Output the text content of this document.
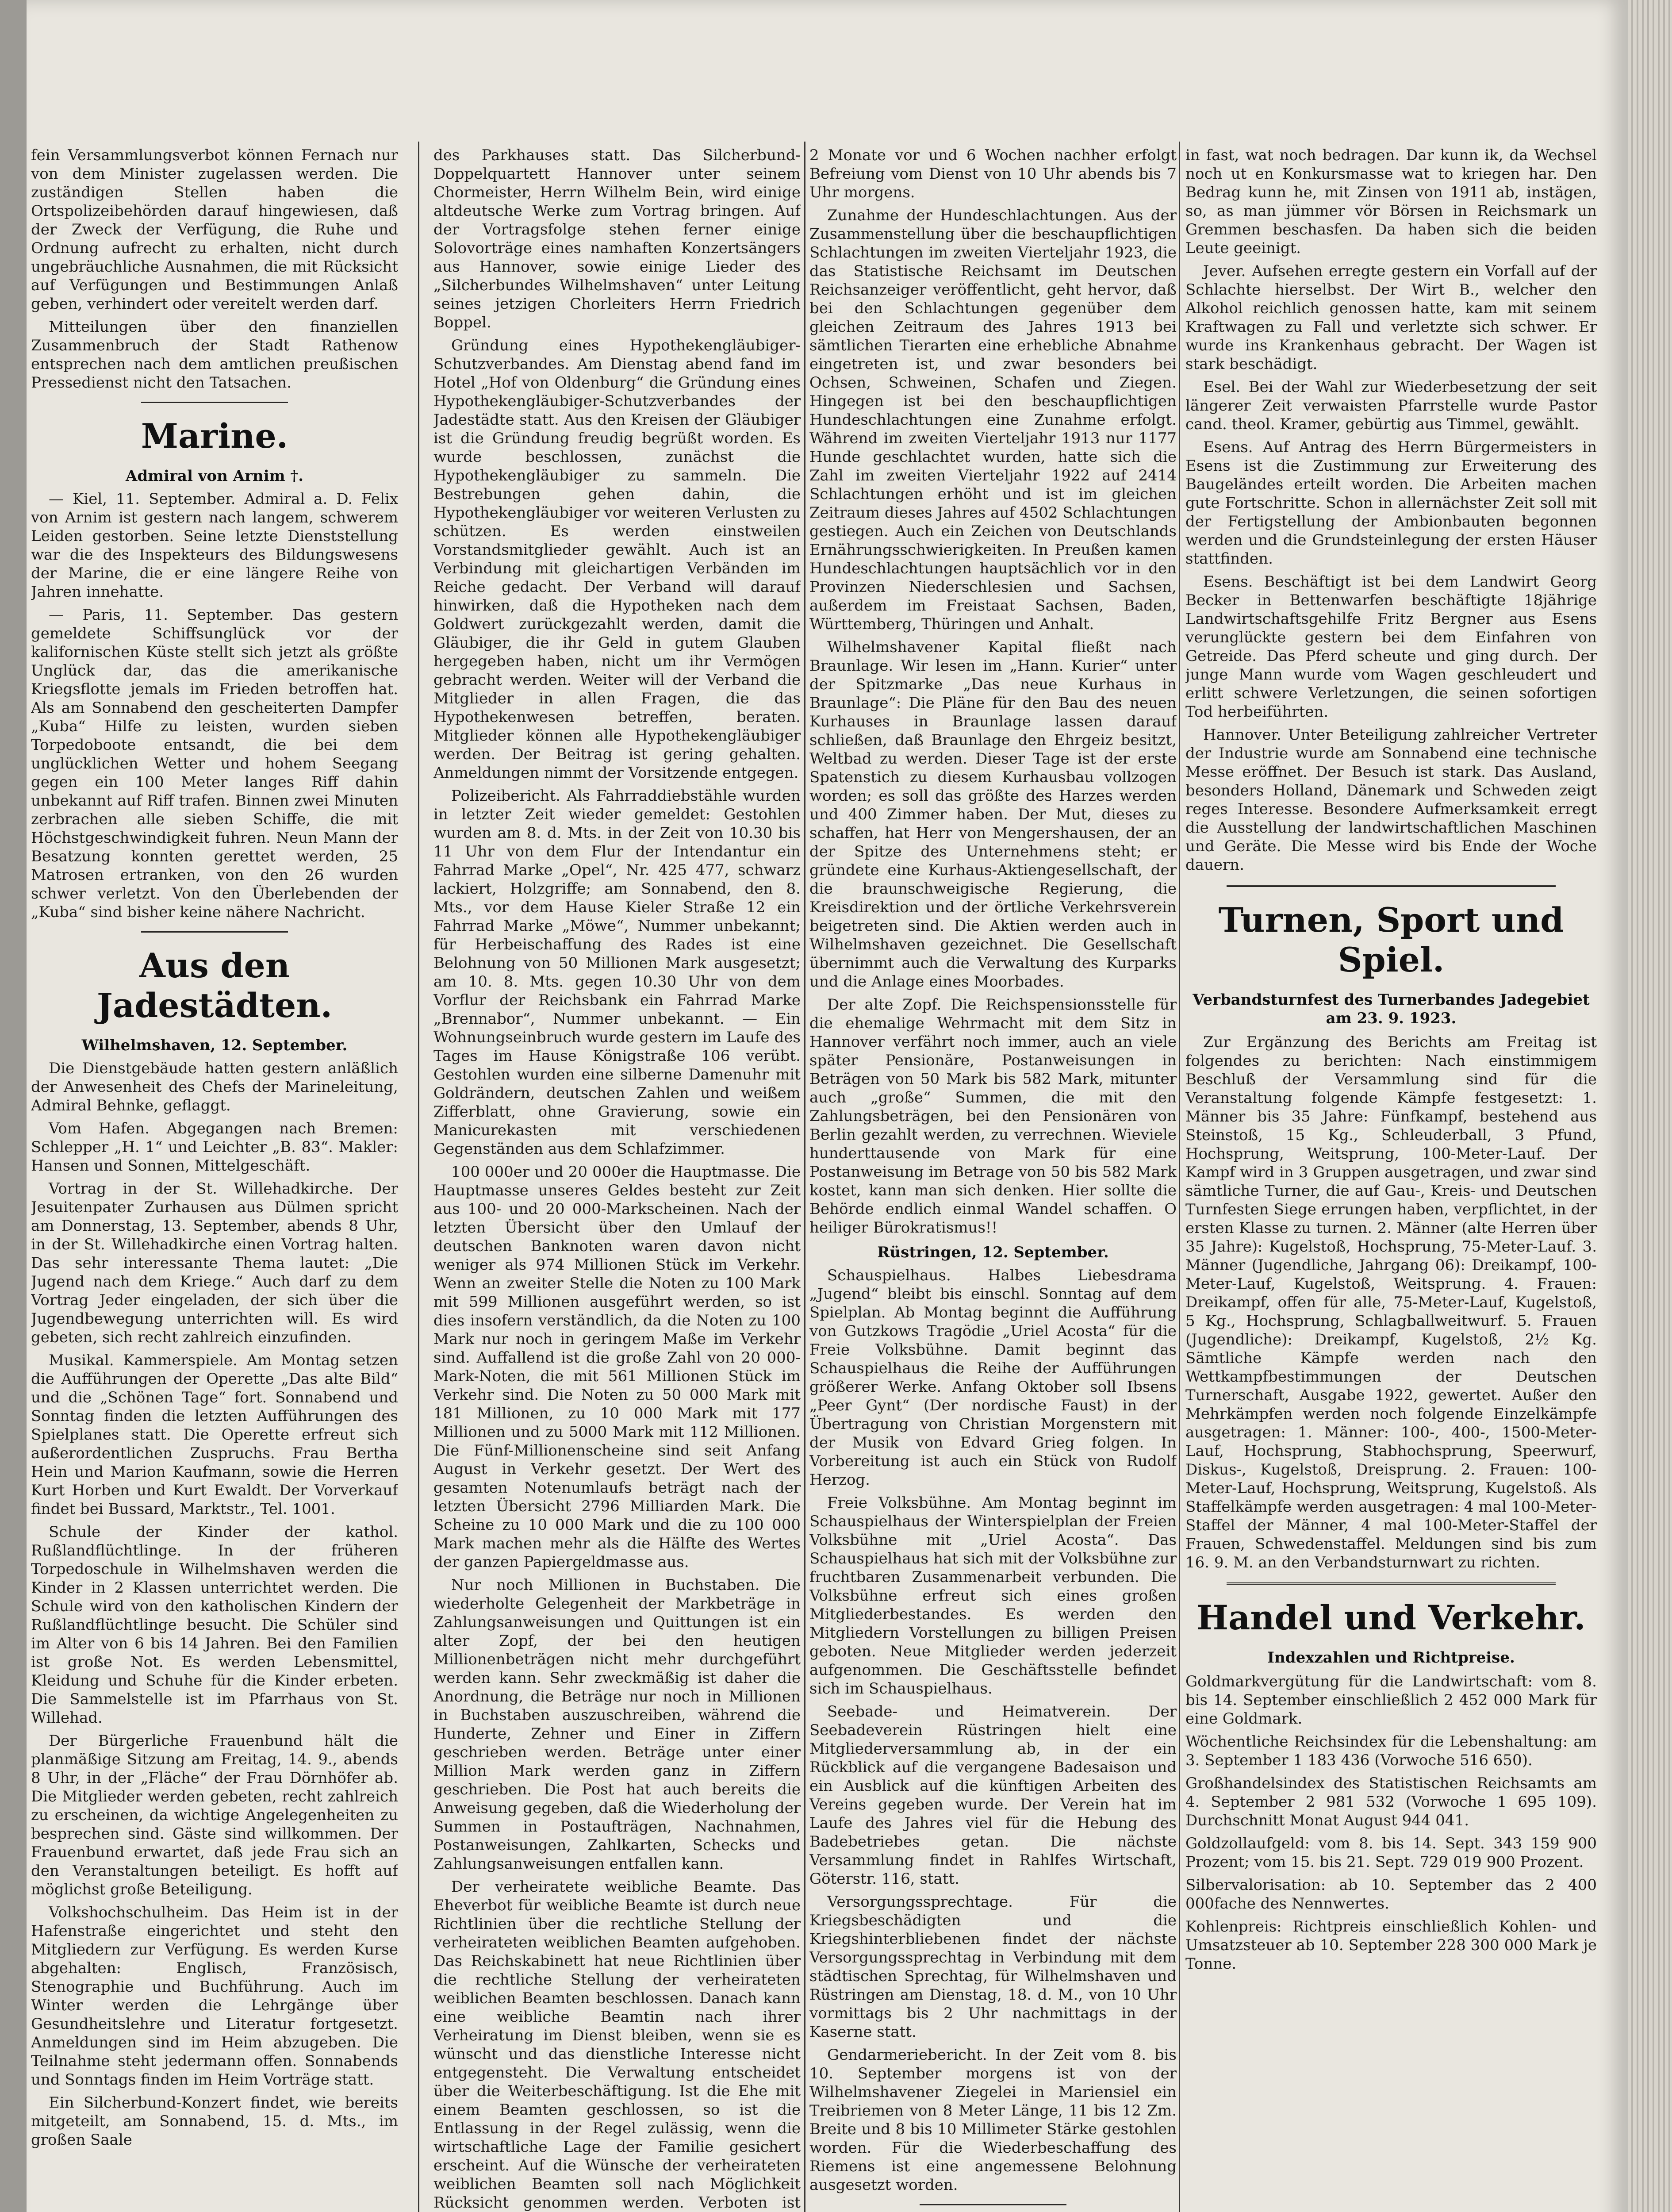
fein Versammlungsverbot können Fernach nur von dem Minister zugelassen werden. Die zuständigen Stellen haben die Ortspolizeibehörden darauf hingewiesen, daß der Zweck der Verfügung, die Ruhe und Ordnung aufrecht zu erhalten, nicht durch ungebräuchliche Ausnahmen, die mit Rücksicht auf Verfügungen und Bestimmungen Anlaß geben, verhindert oder vereitelt werden darf.

Mitteilungen über den finanziellen Zusammenbruch der Stadt Rathenow entsprechen nach dem amtlichen preußischen Pressedienst nicht den Tatsachen.

Marine.
Admiral von Arnim †.

— Kiel, 11. September. Admiral a. D. Felix von Arnim ist gestern nach langem, schwerem Leiden gestorben. Seine letzte Dienststellung war die des Inspekteurs des Bildungswesens der Marine, die er eine längere Reihe von Jahren innehatte.

— Paris, 11. September. Das gestern gemeldete Schiffsunglück vor der kalifornischen Küste stellt sich jetzt als größte Unglück dar, das die amerikanische Kriegsflotte jemals im Frieden betroffen hat. Als am Sonnabend den gescheiterten Dampfer „Kuba“ Hilfe zu leisten, wurden sieben Torpedoboote entsandt, die bei dem unglücklichen Wetter und hohem Seegang gegen ein 100 Meter langes Riff dahin unbekannt auf Riff trafen. Binnen zwei Minuten zerbrachen alle sieben Schiffe, die mit Höchstgeschwindigkeit fuhren. Neun Mann der Besatzung konnten gerettet werden, 25 Matrosen ertranken, von den 26 wurden schwer verletzt. Von den Überlebenden der „Kuba“ sind bisher keine nähere Nachricht.

Aus den Jadestädten.
Wilhelmshaven, 12. September.

Die Dienstgebäude hatten gestern anläßlich der Anwesenheit des Chefs der Marineleitung, Admiral Behnke, geflaggt.

Vom Hafen. Abgegangen nach Bremen: Schlepper „H. 1“ und Leichter „B. 83“. Makler: Hansen und Sonnen, Mittelgeschäft.

Vortrag in der St. Willehadkirche. Der Jesuitenpater Zurhausen aus Dülmen spricht am Donnerstag, 13. September, abends 8 Uhr, in der St. Willehadkirche einen Vortrag halten. Das sehr interessante Thema lautet: „Die Jugend nach dem Kriege.“ Auch darf zu dem Vortrag Jeder eingeladen, der sich über die Jugendbewegung unterrichten will. Es wird gebeten, sich recht zahlreich einzufinden.

Musikal. Kammerspiele. Am Montag setzen die Aufführungen der Operette „Das alte Bild“ und die „Schönen Tage“ fort. Sonnabend und Sonntag finden die letzten Aufführungen des Spielplanes statt. Die Operette erfreut sich außerordentlichen Zuspruchs. Frau Bertha Hein und Marion Kaufmann, sowie die Herren Kurt Horben und Kurt Ewaldt. Der Vorverkauf findet bei Bussard, Marktstr., Tel. 1001.

Schule der Kinder der kathol. Rußlandflüchtlinge. In der früheren Torpedoschule in Wilhelmshaven werden die Kinder in 2 Klassen unterrichtet werden. Die Schule wird von den katholischen Kindern der Rußlandflüchtlinge besucht. Die Schüler sind im Alter von 6 bis 14 Jahren. Bei den Familien ist große Not. Es werden Lebensmittel, Kleidung und Schuhe für die Kinder erbeten. Die Sammelstelle ist im Pfarrhaus von St. Willehad.

Der Bürgerliche Frauenbund hält die planmäßige Sitzung am Freitag, 14. 9., abends 8 Uhr, in der „Fläche“ der Frau Dörnhöfer ab. Die Mitglieder werden gebeten, recht zahlreich zu erscheinen, da wichtige Angelegenheiten zu besprechen sind. Gäste sind willkommen. Der Frauenbund erwartet, daß jede Frau sich an den Veranstaltungen beteiligt. Es hofft auf möglichst große Beteiligung.

Volkshochschulheim. Das Heim ist in der Hafenstraße eingerichtet und steht den Mitgliedern zur Verfügung. Es werden Kurse abgehalten: Englisch, Französisch, Stenographie und Buchführung. Auch im Winter werden die Lehrgänge über Gesundheitslehre und Literatur fortgesetzt. Anmeldungen sind im Heim abzugeben. Die Teilnahme steht jedermann offen. Sonnabends und Sonntags finden im Heim Vorträge statt.

Ein Silcherbund-Konzert findet, wie bereits mitgeteilt, am Sonnabend, 15. d. Mts., im großen Saale

des Parkhauses statt. Das Silcherbund-Doppelquartett Hannover unter seinem Chormeister, Herrn Wilhelm Bein, wird einige altdeutsche Werke zum Vortrag bringen. Auf der Vortragsfolge stehen ferner einige Solovorträge eines namhaften Konzertsängers aus Hannover, sowie einige Lieder des „Silcherbundes Wilhelmshaven“ unter Leitung seines jetzigen Chorleiters Herrn Friedrich Boppel.

Gründung eines Hypothekengläubiger-Schutzverbandes. Am Dienstag abend fand im Hotel „Hof von Oldenburg“ die Gründung eines Hypothekengläubiger-Schutzverbandes der Jadestädte statt. Aus den Kreisen der Gläubiger ist die Gründung freudig begrüßt worden. Es wurde beschlossen, zunächst die Hypothekengläubiger zu sammeln. Die Bestrebungen gehen dahin, die Hypothekengläubiger vor weiteren Verlusten zu schützen. Es werden einstweilen Vorstandsmitglieder gewählt. Auch ist an Verbindung mit gleichartigen Verbänden im Reiche gedacht. Der Verband will darauf hinwirken, daß die Hypotheken nach dem Goldwert zurückgezahlt werden, damit die Gläubiger, die ihr Geld in gutem Glauben hergegeben haben, nicht um ihr Vermögen gebracht werden. Weiter will der Verband die Mitglieder in allen Fragen, die das Hypothekenwesen betreffen, beraten. Mitglieder können alle Hypothekengläubiger werden. Der Beitrag ist gering gehalten. Anmeldungen nimmt der Vorsitzende entgegen.

Polizeibericht. Als Fahrraddiebstähle wurden in letzter Zeit wieder gemeldet: Gestohlen wurden am 8. d. Mts. in der Zeit von 10.30 bis 11 Uhr von dem Flur der Intendantur ein Fahrrad Marke „Opel“, Nr. 425 477, schwarz lackiert, Holzgriffe; am Sonnabend, den 8. Mts., vor dem Hause Kieler Straße 12 ein Fahrrad Marke „Möwe“, Nummer unbekannt; für Herbeischaffung des Rades ist eine Belohnung von 50 Millionen Mark ausgesetzt; am 10. 8. Mts. gegen 10.30 Uhr von dem Vorflur der Reichsbank ein Fahrrad Marke „Brennabor“, Nummer unbekannt. — Ein Wohnungseinbruch wurde gestern im Laufe des Tages im Hause Königstraße 106 verübt. Gestohlen wurden eine silberne Damenuhr mit Goldrändern, deutschen Zahlen und weißem Zifferblatt, ohne Gravierung, sowie ein Manicurekasten mit verschiedenen Gegenständen aus dem Schlafzimmer.

100 000er und 20 000er die Hauptmasse. Die Hauptmasse unseres Geldes besteht zur Zeit aus 100- und 20 000-Markscheinen. Nach der letzten Übersicht über den Umlauf der deutschen Banknoten waren davon nicht weniger als 974 Millionen Stück im Verkehr. Wenn an zweiter Stelle die Noten zu 100 Mark mit 599 Millionen ausgeführt werden, so ist dies insofern verständlich, da die Noten zu 100 Mark nur noch in geringem Maße im Verkehr sind. Auffallend ist die große Zahl von 20 000-Mark-Noten, die mit 561 Millionen Stück im Verkehr sind. Die Noten zu 50 000 Mark mit 181 Millionen, zu 10 000 Mark mit 177 Millionen und zu 5000 Mark mit 112 Millionen. Die Fünf-Millionenscheine sind seit Anfang August in Verkehr gesetzt. Der Wert des gesamten Notenumlaufs beträgt nach der letzten Übersicht 2796 Milliarden Mark. Die Scheine zu 10 000 Mark und die zu 100 000 Mark machen mehr als die Hälfte des Wertes der ganzen Papiergeldmasse aus.

Nur noch Millionen in Buchstaben. Die wiederholte Gelegenheit der Markbeträge in Zahlungsanweisungen und Quittungen ist ein alter Zopf, der bei den heutigen Millionenbeträgen nicht mehr durchgeführt werden kann. Sehr zweckmäßig ist daher die Anordnung, die Beträge nur noch in Millionen in Buchstaben auszuschreiben, während die Hunderte, Zehner und Einer in Ziffern geschrieben werden. Beträge unter einer Million Mark werden ganz in Ziffern geschrieben. Die Post hat auch bereits die Anweisung gegeben, daß die Wiederholung der Summen in Postaufträgen, Nachnahmen, Postanweisungen, Zahlkarten, Schecks und Zahlungsanweisungen entfallen kann.

Der verheiratete weibliche Beamte. Das Eheverbot für weibliche Beamte ist durch neue Richtlinien über die rechtliche Stellung der verheirateten weiblichen Beamten aufgehoben. Das Reichskabinett hat neue Richtlinien über die rechtliche Stellung der verheirateten weiblichen Beamten beschlossen. Danach kann eine weibliche Beamtin nach ihrer Verheiratung im Dienst bleiben, wenn sie es wünscht und das dienstliche Interesse nicht entgegensteht. Die Verwaltung entscheidet über die Weiterbeschäftigung. Ist die Ehe mit einem Beamten geschlossen, so ist die Entlassung in der Regel zulässig, wenn die wirtschaftliche Lage der Familie gesichert erscheint. Auf die Wünsche der verheirateten weiblichen Beamten soll nach Möglichkeit Rücksicht genommen werden. Verboten ist

2 Monate vor und 6 Wochen nachher erfolgt Befreiung vom Dienst von 10 Uhr abends bis 7 Uhr morgens.

Zunahme der Hundeschlachtungen. Aus der Zusammenstellung über die beschaupflichtigen Schlachtungen im zweiten Vierteljahr 1923, die das Statistische Reichsamt im Deutschen Reichsanzeiger veröffentlicht, geht hervor, daß bei den Schlachtungen gegenüber dem gleichen Zeitraum des Jahres 1913 bei sämtlichen Tierarten eine erhebliche Abnahme eingetreten ist, und zwar besonders bei Ochsen, Schweinen, Schafen und Ziegen. Hingegen ist bei den beschaupflichtigen Hundeschlachtungen eine Zunahme erfolgt. Während im zweiten Vierteljahr 1913 nur 1177 Hunde geschlachtet wurden, hatte sich die Zahl im zweiten Vierteljahr 1922 auf 2414 Schlachtungen erhöht und ist im gleichen Zeitraum dieses Jahres auf 4502 Schlachtungen gestiegen. Auch ein Zeichen von Deutschlands Ernährungsschwierigkeiten. In Preußen kamen Hundeschlachtungen hauptsächlich vor in den Provinzen Niederschlesien und Sachsen, außerdem im Freistaat Sachsen, Baden, Württemberg, Thüringen und Anhalt.

Wilhelmshavener Kapital fließt nach Braunlage. Wir lesen im „Hann. Kurier“ unter der Spitzmarke „Das neue Kurhaus in Braunlage“: Die Pläne für den Bau des neuen Kurhauses in Braunlage lassen darauf schließen, daß Braunlage den Ehrgeiz besitzt, Weltbad zu werden. Dieser Tage ist der erste Spatenstich zu diesem Kurhausbau vollzogen worden; es soll das größte des Harzes werden und 400 Zimmer haben. Der Mut, dieses zu schaffen, hat Herr von Mengershausen, der an der Spitze des Unternehmens steht; er gründete eine Kurhaus-Aktiengesellschaft, der die braunschweigische Regierung, die Kreisdirektion und der örtliche Verkehrsverein beigetreten sind. Die Aktien werden auch in Wilhelmshaven gezeichnet. Die Gesellschaft übernimmt auch die Verwaltung des Kurparks und die Anlage eines Moorbades.

Der alte Zopf. Die Reichspensionsstelle für die ehemalige Wehrmacht mit dem Sitz in Hannover verfährt noch immer, auch an viele später Pensionäre, Postanweisungen in Beträgen von 50 Mark bis 582 Mark, mitunter auch „große“ Summen, die mit den Zahlungsbeträgen, bei den Pensionären von Berlin gezahlt werden, zu verrechnen. Wieviele hunderttausende von Mark für eine Postanweisung im Betrage von 50 bis 582 Mark kostet, kann man sich denken. Hier sollte die Behörde endlich einmal Wandel schaffen. O heiliger Bürokratismus!!

Rüstringen, 12. September.

Schauspielhaus. Halbes Liebesdrama „Jugend“ bleibt bis einschl. Sonntag auf dem Spielplan. Ab Montag beginnt die Aufführung von Gutzkows Tragödie „Uriel Acosta“ für die Freie Volksbühne. Damit beginnt das Schauspielhaus die Reihe der Aufführungen größerer Werke. Anfang Oktober soll Ibsens „Peer Gynt“ (Der nordische Faust) in der Übertragung von Christian Morgenstern mit der Musik von Edvard Grieg folgen. In Vorbereitung ist auch ein Stück von Rudolf Herzog.

Freie Volksbühne. Am Montag beginnt im Schauspielhaus der Winterspielplan der Freien Volksbühne mit „Uriel Acosta“. Das Schauspielhaus hat sich mit der Volksbühne zur fruchtbaren Zusammenarbeit verbunden. Die Volksbühne erfreut sich eines großen Mitgliederbestandes. Es werden den Mitgliedern Vorstellungen zu billigen Preisen geboten. Neue Mitglieder werden jederzeit aufgenommen. Die Geschäftsstelle befindet sich im Schauspielhaus.

Seebade- und Heimatverein. Der Seebadeverein Rüstringen hielt eine Mitgliederversammlung ab, in der ein Rückblick auf die vergangene Badesaison und ein Ausblick auf die künftigen Arbeiten des Vereins gegeben wurde. Der Verein hat im Laufe des Jahres viel für die Hebung des Badebetriebes getan. Die nächste Versammlung findet in Rahlfes Wirtschaft, Göterstr. 116, statt.

Versorgungssprechtage. Für die Kriegsbeschädigten und die Kriegshinterbliebenen findet der nächste Versorgungssprechtag in Verbindung mit dem städtischen Sprechtag, für Wilhelmshaven und Rüstringen am Dienstag, 18. d. M., von 10 Uhr vormittags bis 2 Uhr nachmittags in der Kaserne statt.

Gendarmeriebericht. In der Zeit vom 8. bis 10. September morgens ist von der Wilhelmshavener Ziegelei in Mariensiel ein Treibriemen von 8 Meter Länge, 11 bis 12 Zm. Breite und 8 bis 10 Millimeter Stärke gestohlen worden. Für die Wiederbeschaffung des Riemens ist eine angemessene Belohnung ausgesetzt worden.

in fast, wat noch bedragen. Dar kunn ik, da Wechsel noch ut en Konkursmasse wat to kriegen har. Den Bedrag kunn he, mit Zinsen von 1911 ab, instägen, so, as man jümmer vör Börsen in Reichsmark un Gremmen beschasfen. Da haben sich die beiden Leute geeinigt.

Jever. Aufsehen erregte gestern ein Vorfall auf der Schlachte hierselbst. Der Wirt B., welcher den Alkohol reichlich genossen hatte, kam mit seinem Kraftwagen zu Fall und verletzte sich schwer. Er wurde ins Krankenhaus gebracht. Der Wagen ist stark beschädigt.

Esel. Bei der Wahl zur Wiederbesetzung der seit längerer Zeit verwaisten Pfarrstelle wurde Pastor cand. theol. Kramer, gebürtig aus Timmel, gewählt.

Esens. Auf Antrag des Herrn Bürgermeisters in Esens ist die Zustimmung zur Erweiterung des Baugeländes erteilt worden. Die Arbeiten machen gute Fortschritte. Schon in allernächster Zeit soll mit der Fertigstellung der Ambionbauten begonnen werden und die Grundsteinlegung der ersten Häuser stattfinden.

Esens. Beschäftigt ist bei dem Landwirt Georg Becker in Bettenwarfen beschäftigte 18jährige Landwirtschaftsgehilfe Fritz Bergner aus Esens verunglückte gestern bei dem Einfahren von Getreide. Das Pferd scheute und ging durch. Der junge Mann wurde vom Wagen geschleudert und erlitt schwere Verletzungen, die seinen sofortigen Tod herbeiführten.

Hannover. Unter Beteiligung zahlreicher Vertreter der Industrie wurde am Sonnabend eine technische Messe eröffnet. Der Besuch ist stark. Das Ausland, besonders Holland, Dänemark und Schweden zeigt reges Interesse. Besondere Aufmerksamkeit erregt die Ausstellung der landwirtschaftlichen Maschinen und Geräte. Die Messe wird bis Ende der Woche dauern.

Turnen, Sport und Spiel.
Verbandsturnfest des Turnerbandes Jadegebiet am 23. 9. 1923.

Zur Ergänzung des Berichts am Freitag ist folgendes zu berichten: Nach einstimmigem Beschluß der Versammlung sind für die Veranstaltung folgende Kämpfe festgesetzt: 1. Männer bis 35 Jahre: Fünfkampf, bestehend aus Steinstoß, 15 Kg., Schleuderball, 3 Pfund, Hochsprung, Weitsprung, 100-Meter-Lauf. Der Kampf wird in 3 Gruppen ausgetragen, und zwar sind sämtliche Turner, die auf Gau-, Kreis- und Deutschen Turnfesten Siege errungen haben, verpflichtet, in der ersten Klasse zu turnen. 2. Männer (alte Herren über 35 Jahre): Kugelstoß, Hochsprung, 75-Meter-Lauf. 3. Männer (Jugendliche, Jahrgang 06): Dreikampf, 100-Meter-Lauf, Kugelstoß, Weitsprung. 4. Frauen: Dreikampf, offen für alle, 75-Meter-Lauf, Kugelstoß, 5 Kg., Hochsprung, Schlagballweitwurf. 5. Frauen (Jugendliche): Dreikampf, Kugelstoß, 2½ Kg. Sämtliche Kämpfe werden nach den Wettkampfbestimmungen der Deutschen Turnerschaft, Ausgabe 1922, gewertet. Außer den Mehrkämpfen werden noch folgende Einzelkämpfe ausgetragen: 1. Männer: 100-, 400-, 1500-Meter-Lauf, Hochsprung, Stabhochsprung, Speerwurf, Diskus-, Kugelstoß, Dreisprung. 2. Frauen: 100-Meter-Lauf, Hochsprung, Weitsprung, Kugelstoß. Als Staffelkämpfe werden ausgetragen: 4 mal 100-Meter-Staffel der Männer, 4 mal 100-Meter-Staffel der Frauen, Schwedenstaffel. Meldungen sind bis zum 16. 9. M. an den Verbandsturnwart zu richten.

Handel und Verkehr.
Indexzahlen und Richtpreise.

Goldmarkvergütung für die Landwirtschaft: vom 8. bis 14. September einschließlich 2 452 000 Mark für eine Goldmark.

Wöchentliche Reichsindex für die Lebenshaltung: am 3. September 1 183 436 (Vorwoche 516 650).

Großhandelsindex des Statistischen Reichsamts am 4. September 2 981 532 (Vorwoche 1 695 109). Durchschnitt Monat August 944 041.

Goldzollaufgeld: vom 8. bis 14. Sept. 343 159 900 Prozent; vom 15. bis 21. Sept. 729 019 900 Prozent.

Silbervalorisation: ab 10. September das 2 400 000fache des Nennwertes.

Kohlenpreis: Richtpreis einschließlich Kohlen- und Umsatzsteuer ab 10. September 228 300 000 Mark je Tonne.
